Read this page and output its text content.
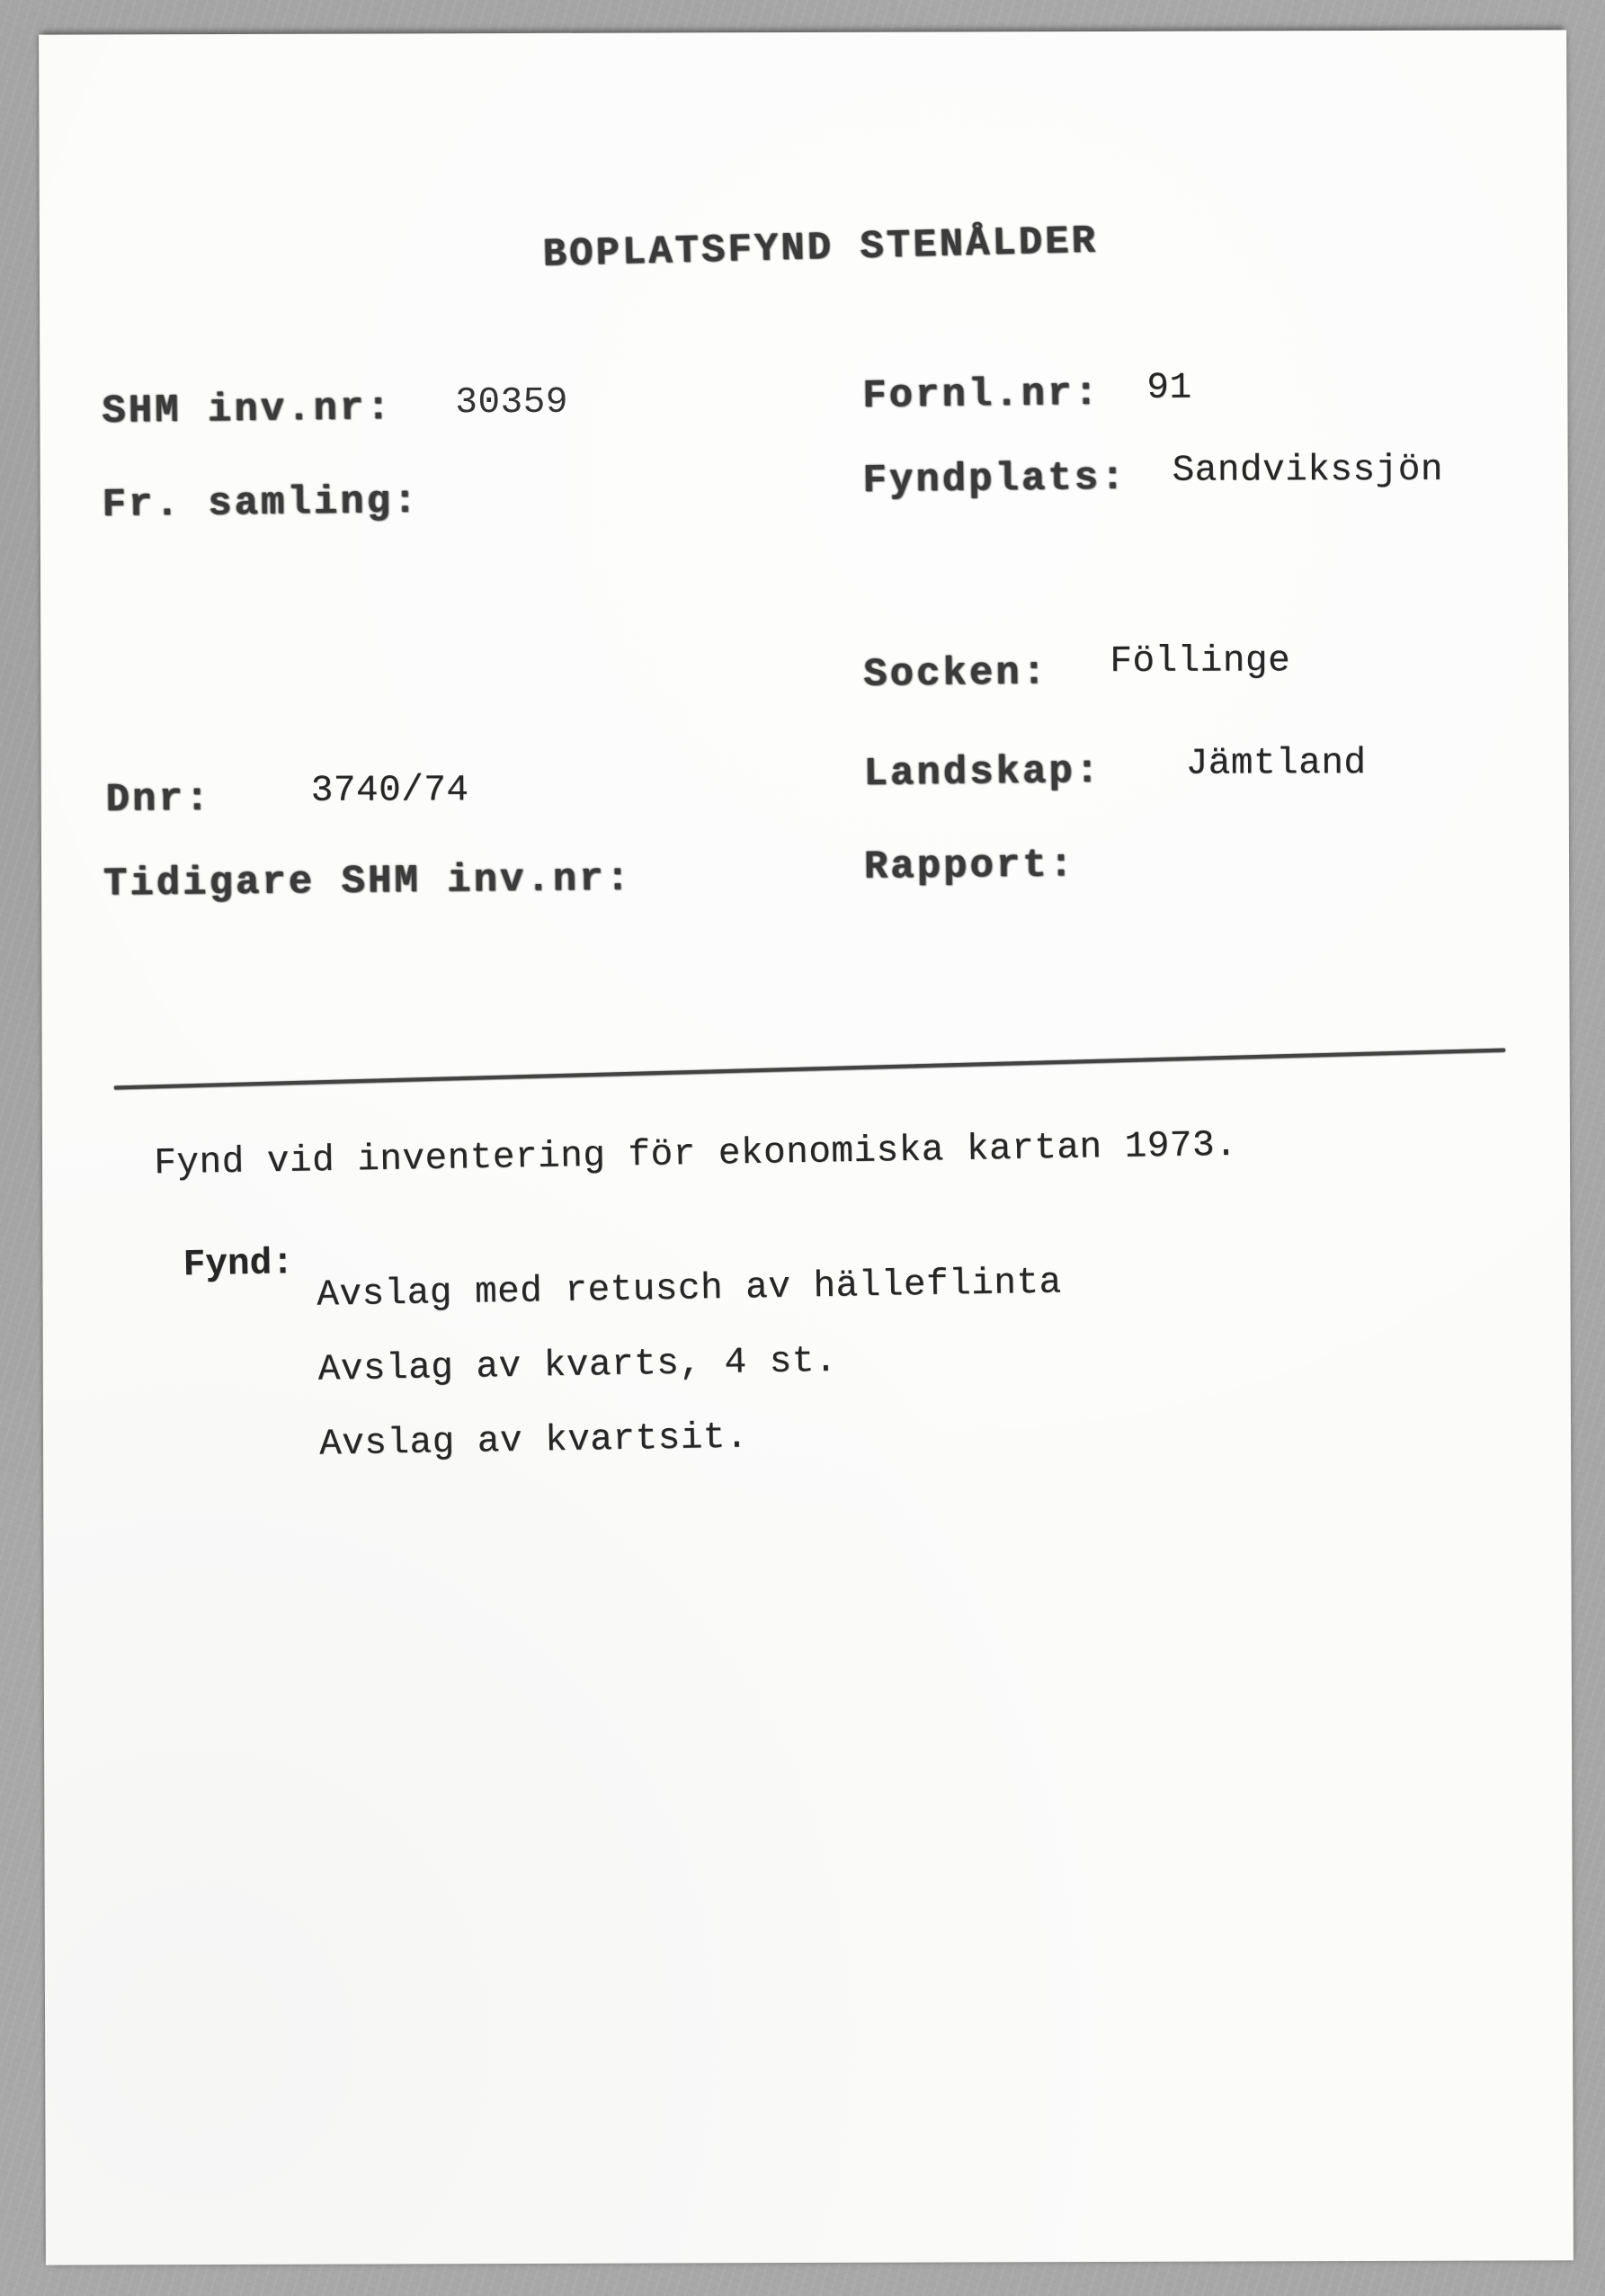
BOPLATSFYND STENÅLDER
SHM inv.nr: 30359
Fr. samling:
Dnr:	3740/74
Tidigare SHM inv.nr:
Fornl.nr: 91
Fyndplats: Sandvikssjön
Socken: Föllinge
Landskap: Jämtland
Rapport:
Fynd vid inventering för ekonomiska kartan 1973.

Fynd:

Avslag med retusch av hälleflinta

Avslag av kvarts, 4 st.

Avslag av kvartsit.
